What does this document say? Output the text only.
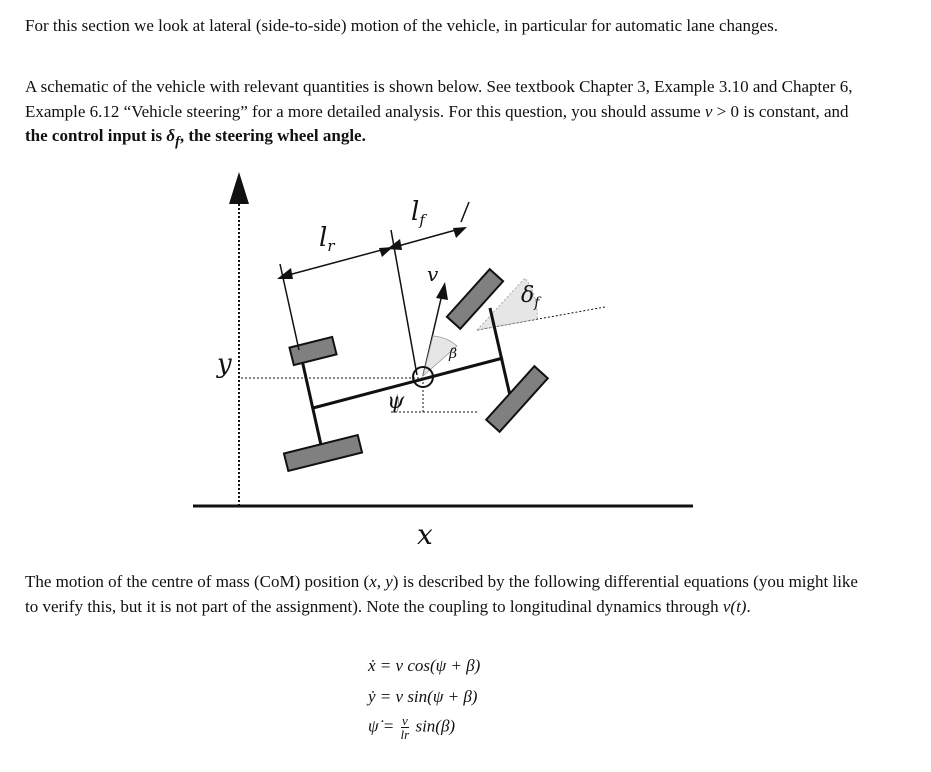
For this section we look at lateral (side-to-side) motion of the vehicle, in particular for automatic lane changes.

A schematic of the vehicle with relevant quantities is shown below. See textbook Chapter 3, Example 3.10 and Chapter 6, Example 6.12 “Vehicle steering” for a more detailed analysis. For this question, you should assume v > 0 is constant, and the control input is $\delta_f$, the steering wheel angle.

lr
lf
v
$\delta_f$
β
ψ
y
x

The motion of the centre of mass (CoM) position (x, y) is described by the following differential equations (you might like to verify this, but it is not part of the assignment). Note the coupling to longitudinal dynamics through v(t).

ẋ = v cos(ψ + β)
ẏ = v sin(ψ + β)
ψ̇ = $\frac{v}{lr} \sin(\beta)$
